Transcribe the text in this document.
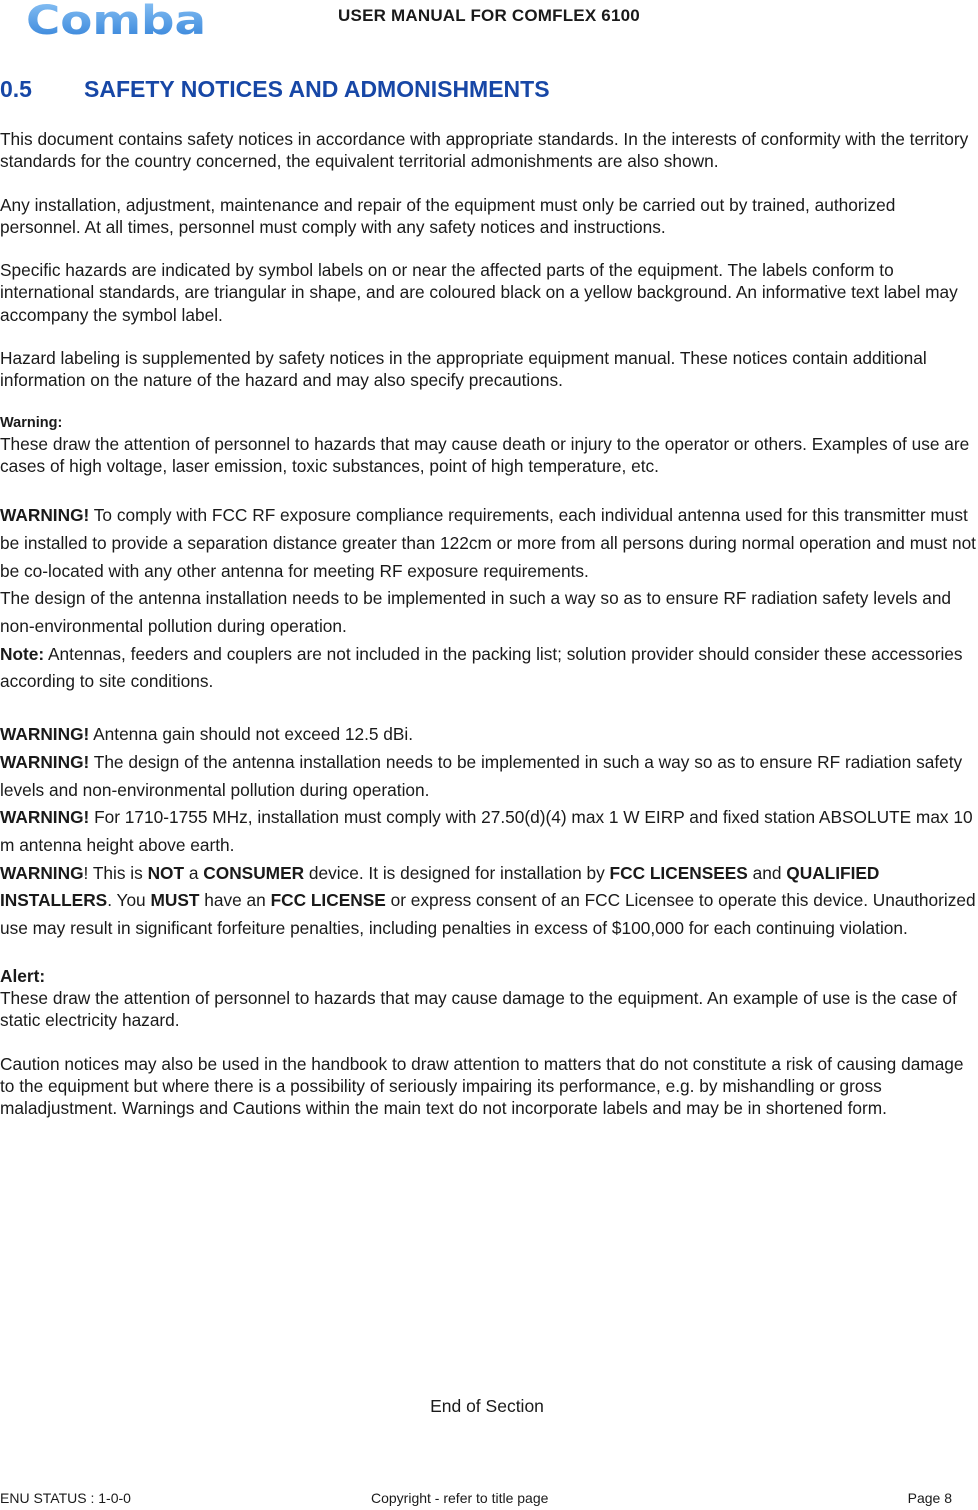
Comba	USER MANUAL FOR COMFLEX 6100
0.5 SAFETY NOTICES AND ADMONISHMENTS

This document contains safety notices in accordance with appropriate standards. In the interests of conformity with the territory standards for the country concerned, the equivalent territorial admonishments are also shown.

Any installation, adjustment, maintenance and repair of the equipment must only be carried out by trained, authorized personnel. At all times, personnel must comply with any safety notices and instructions.

Specific hazards are indicated by symbol labels on or near the affected parts of the equipment. The labels conform to international standards, are triangular in shape, and are coloured black on a yellow background. An informative text label may accompany the symbol label.

Hazard labeling is supplemented by safety notices in the appropriate equipment manual. These notices contain additional information on the nature of the hazard and may also specify precautions.

Warning:
These draw the attention of personnel to hazards that may cause death or injury to the operator or others. Examples of use are cases of high voltage, laser emission, toxic substances, point of high temperature, etc.

WARNING! To comply with FCC RF exposure compliance requirements, each individual antenna used for this transmitter must be installed to provide a separation distance greater than 122cm or more from all persons during normal operation and must not be co-located with any other antenna for meeting RF exposure requirements.

The design of the antenna installation needs to be implemented in such a way so as to ensure RF radiation safety levels and non-environmental pollution during operation.

Note: Antennas, feeders and couplers are not included in the packing list; solution provider should consider these accessories according to site conditions.

WARNING! Antenna gain should not exceed 12.5 dBi.

WARNING! The design of the antenna installation needs to be implemented in such a way so as to ensure RF radiation safety levels and non-environmental pollution during operation.

WARNING! For 1710-1755 MHz, installation must comply with 27.50(d)(4) max 1 W EIRP and fixed station ABSOLUTE max 10 m antenna height above earth.

WARNING! This is NOT a CONSUMER device. It is designed for installation by FCC LICENSEES and QUALIFIED INSTALLERS. You MUST have an FCC LICENSE or express consent of an FCC Licensee to operate this device. Unauthorized use may result in significant forfeiture penalties, including penalties in excess of $100,000 for each continuing violation.

Alert:
These draw the attention of personnel to hazards that may cause damage to the equipment. An example of use is the case of static electricity hazard.

Caution notices may also be used in the handbook to draw attention to matters that do not constitute a risk of causing damage to the equipment but where there is a possibility of seriously impairing its performance, e.g. by mishandling or gross maladjustment. Warnings and Cautions within the main text do not incorporate labels and may be in shortened form.

End of Section
ENU STATUS : 1-0-0	Copyright - refer to title page	Page 8
